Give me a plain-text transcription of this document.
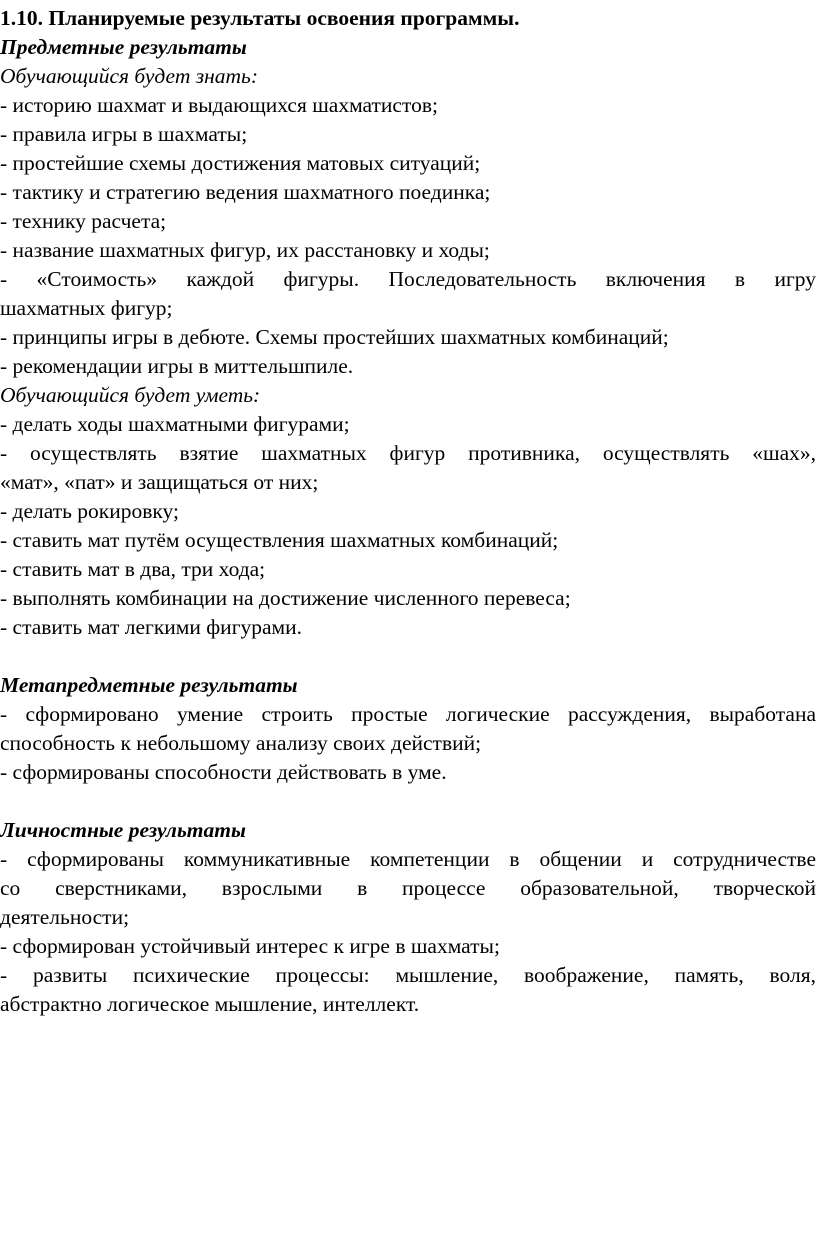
1.10. Планируемые результаты освоения программы.
Предметные результаты
Обучающийся будет знать:
- историю шахмат и выдающихся шахматистов;
- правила игры в шахматы;
- простейшие схемы достижения матовых ситуаций;
- тактику и стратегию ведения шахматного поединка;
- технику расчета;
- название шахматных фигур, их расстановку и ходы;
- «Стоимость» каждой фигуры. Последовательность включения в игру
шахматных фигур;
- принципы игры в дебюте. Схемы простейших шахматных комбинаций;
- рекомендации игры в миттельшпиле.
Обучающийся будет уметь:
- делать ходы шахматными фигурами;
- осуществлять взятие шахматных фигур противника, осуществлять «шах»,
«мат», «пат» и защищаться от них;
- делать рокировку;
- ставить мат путём осуществления шахматных комбинаций;
- ставить мат в два, три хода;
- выполнять комбинации на достижение численного перевеса;
- ставить мат легкими фигурами.
Метапредметные результаты
- сформировано умение строить простые логические рассуждения, выработана
способность к небольшому анализу своих действий;
- сформированы способности действовать в уме.
Личностные результаты
- сформированы коммуникативные компетенции в общении и сотрудничестве
со сверстниками, взрослыми в процессе образовательной, творческой
деятельности;
- сформирован устойчивый интерес к игре в шахматы;
- развиты психические процессы: мышление, воображение, память, воля,
абстрактно логическое мышление, интеллект.
